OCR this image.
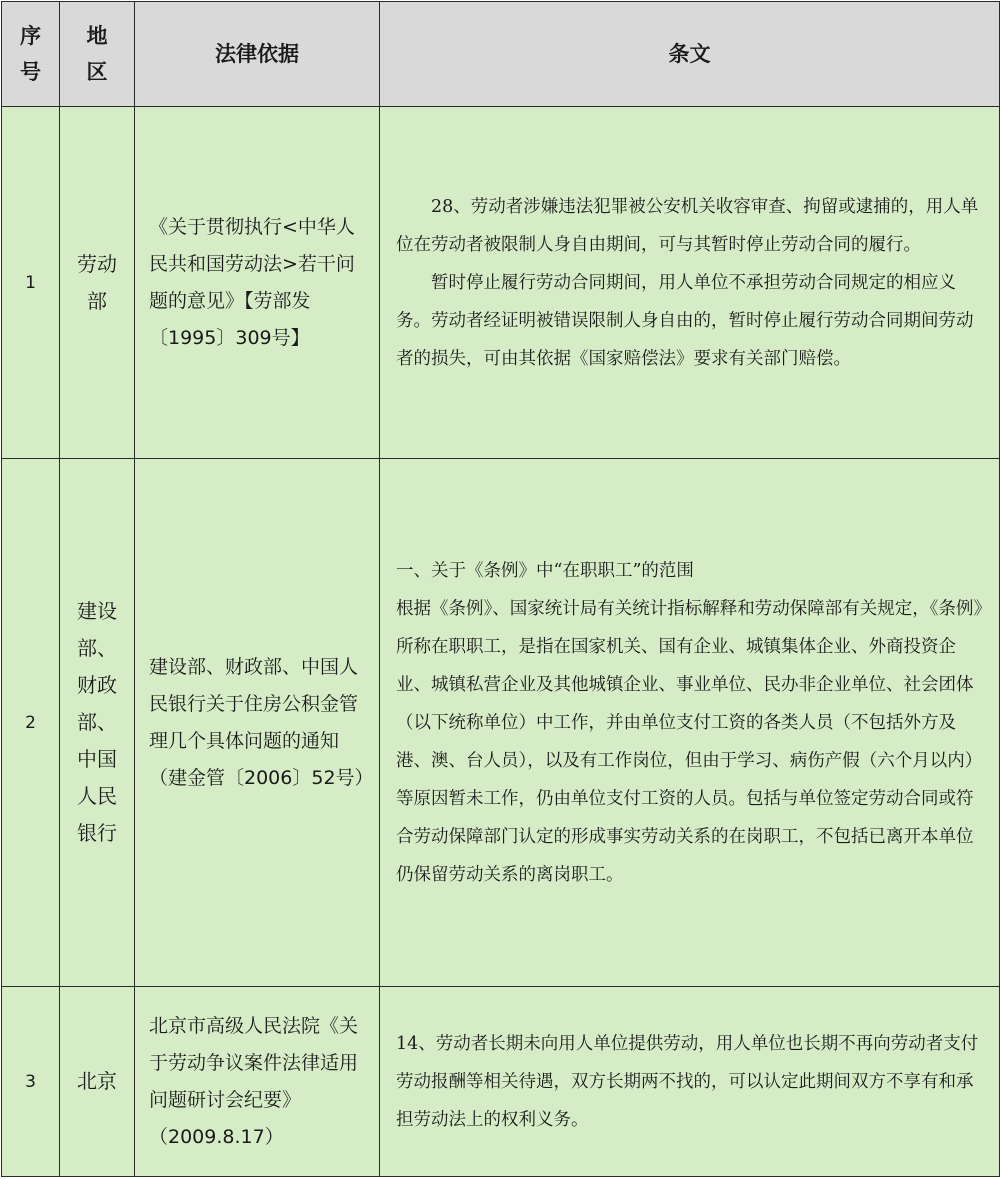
序号	地区	法律依据	条文
1	劳动部	《关于贯彻执行<中华人民共和国劳动法>若干问题的意见》【劳部发〔1995〕309号】	28、劳动者涉嫌违法犯罪被公安机关收容审查、拘留或逮捕的，用人单位在劳动者被限制人身自由期间，可与其暂时停止劳动合同的履行。

暂时停止履行劳动合同期间，用人单位不承担劳动合同规定的相应义务。劳动者经证明被错误限制人身自由的，暂时停止履行劳动合同期间劳动者的损失，可由其依据《国家赔偿法》要求有关部门赔偿。

2	建设部、财政部、中国人民银行	建设部、财政部、中国人民银行关于住房公积金管理几个具体问题的通知（建金管〔2006〕52号）	一、关于《条例》中“在职职工”的范围

根据《条例》、国家统计局有关统计指标解释和劳动保障部有关规定，《条例》所称在职职工，是指在国家机关、国有企业、城镇集体企业、外商投资企业、城镇私营企业及其他城镇企业、事业单位、民办非企业单位、社会团体（以下统称单位）中工作，并由单位支付工资的各类人员（不包括外方及港、澳、台人员），以及有工作岗位，但由于学习、病伤产假（六个月以内）等原因暂未工作，仍由单位支付工资的人员。包括与单位签定劳动合同或符合劳动保障部门认定的形成事实劳动关系的在岗职工，不包括已离开本单位仍保留劳动关系的离岗职工。

3	北京	北京市高级人民法院《关于劳动争议案件法律适用问题研讨会纪要》（2009.8.17）	14、劳动者长期未向用人单位提供劳动，用人单位也长期不再向劳动者支付劳动报酬等相关待遇，双方长期两不找的，可以认定此期间双方不享有和承担劳动法上的权利义务。
